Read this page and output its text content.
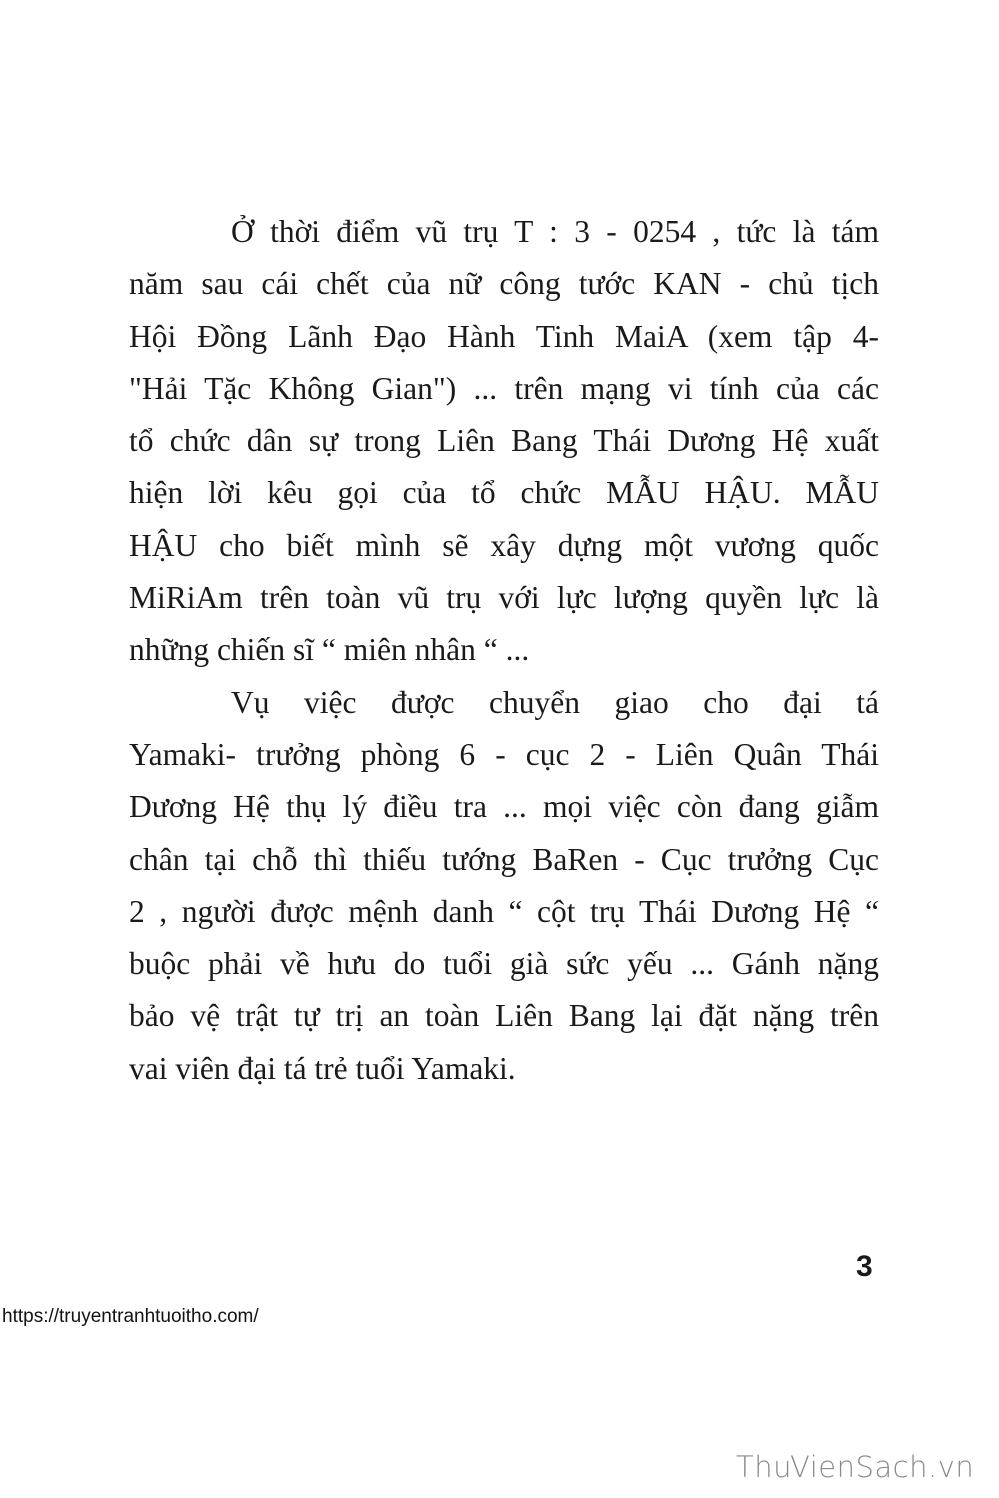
Ở thời điểm vũ trụ T : 3 - 0254 , tức là tám
năm sau cái chết của nữ công tước KAN - chủ tịch
Hội Đồng Lãnh Đạo Hành Tinh MaiA (xem tập 4-
"Hải Tặc Không Gian") ... trên mạng vi tính của các
tổ chức dân sự trong Liên Bang Thái Dương Hệ xuất
hiện lời kêu gọi của tổ chức MẪU HẬU. MẪU
HẬU cho biết mình sẽ xây dựng một vương quốc
MiRiAm trên toàn vũ trụ với lực lượng quyền lực là
những chiến sĩ “ miên nhân “ ...
Vụ việc được chuyển giao cho đại tá
Yamaki- trưởng phòng 6 - cục 2 - Liên Quân Thái
Dương Hệ thụ lý điều tra ... mọi việc còn đang giẫm
chân tại chỗ thì thiếu tướng BaRen - Cục trưởng Cục
2 , người được mệnh danh “ cột trụ Thái Dương Hệ “
buộc phải về hưu do tuổi già sức yếu ... Gánh nặng
bảo vệ trật tự trị an toàn Liên Bang lại đặt nặng trên
vai viên đại tá trẻ tuổi Yamaki.
3
https://truyentranhtuoitho.com/
ThuVienSach.vn
